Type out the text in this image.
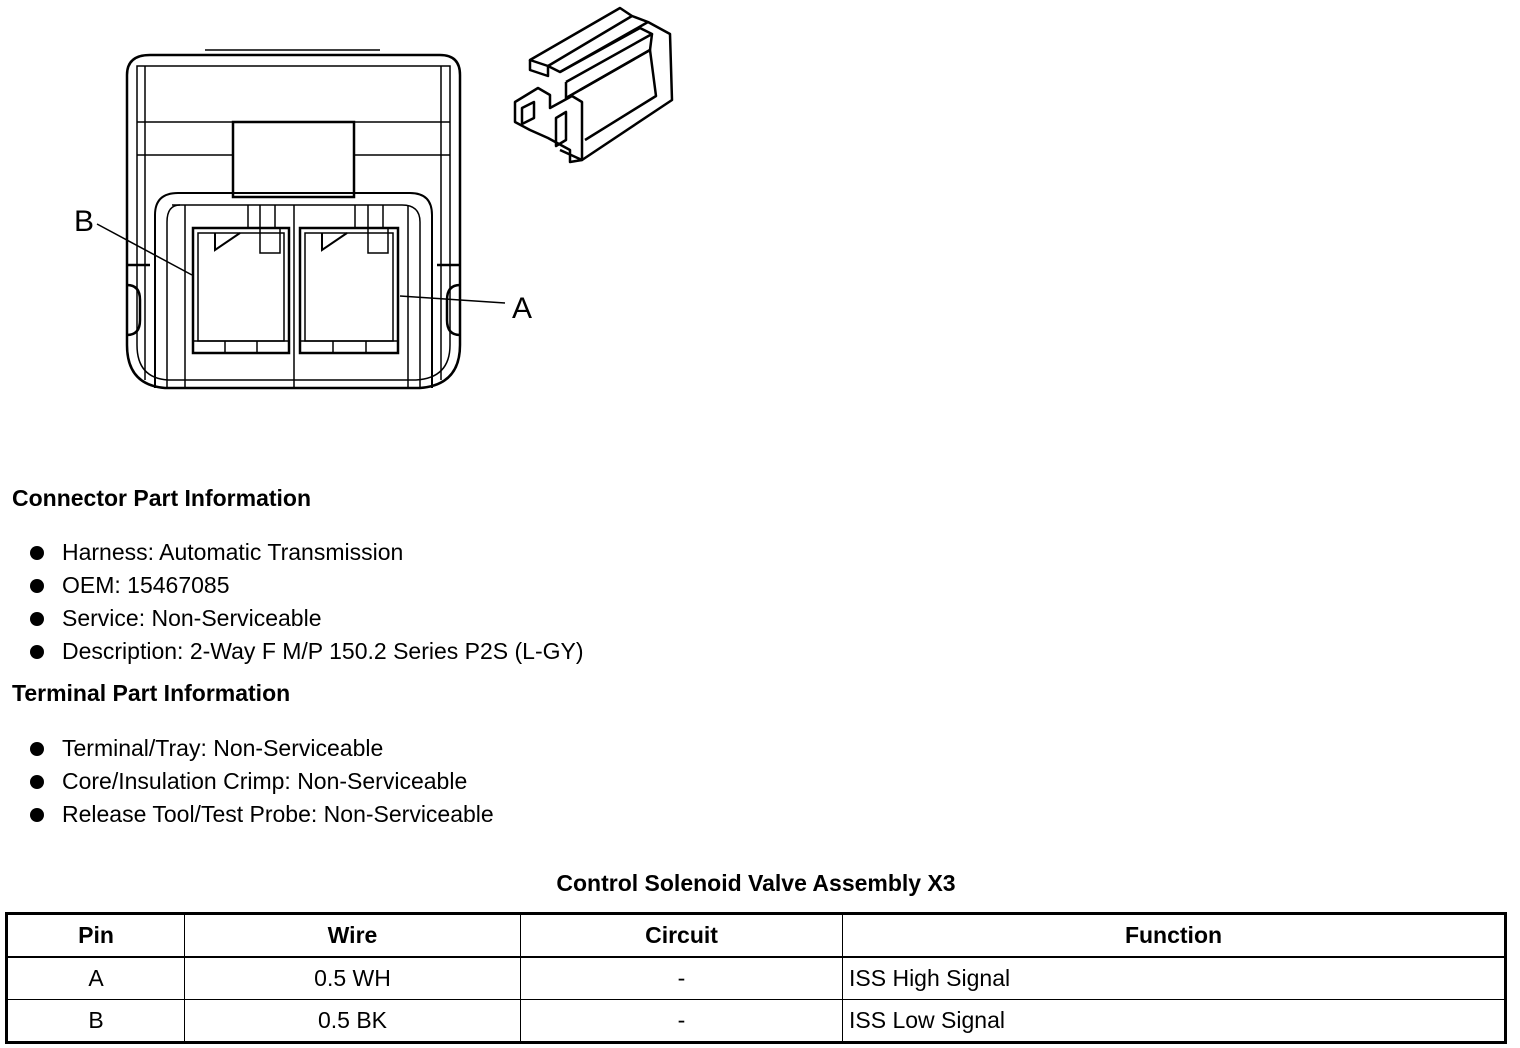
B
A
Connector Part Information
Harness: Automatic Transmission
OEM: 15467085
Service: Non-Serviceable
Description: 2-Way F M/P 150.2 Series P2S (L-GY)
Terminal Part Information
Terminal/Tray: Non-Serviceable
Core/Insulation Crimp: Non-Serviceable
Release Tool/Test Probe: Non-Serviceable
Control Solenoid Valve Assembly X3
Pin	Wire	Circuit	Function
A	0.5 WH	-	ISS High Signal
B	0.5 BK	-	ISS Low Signal
